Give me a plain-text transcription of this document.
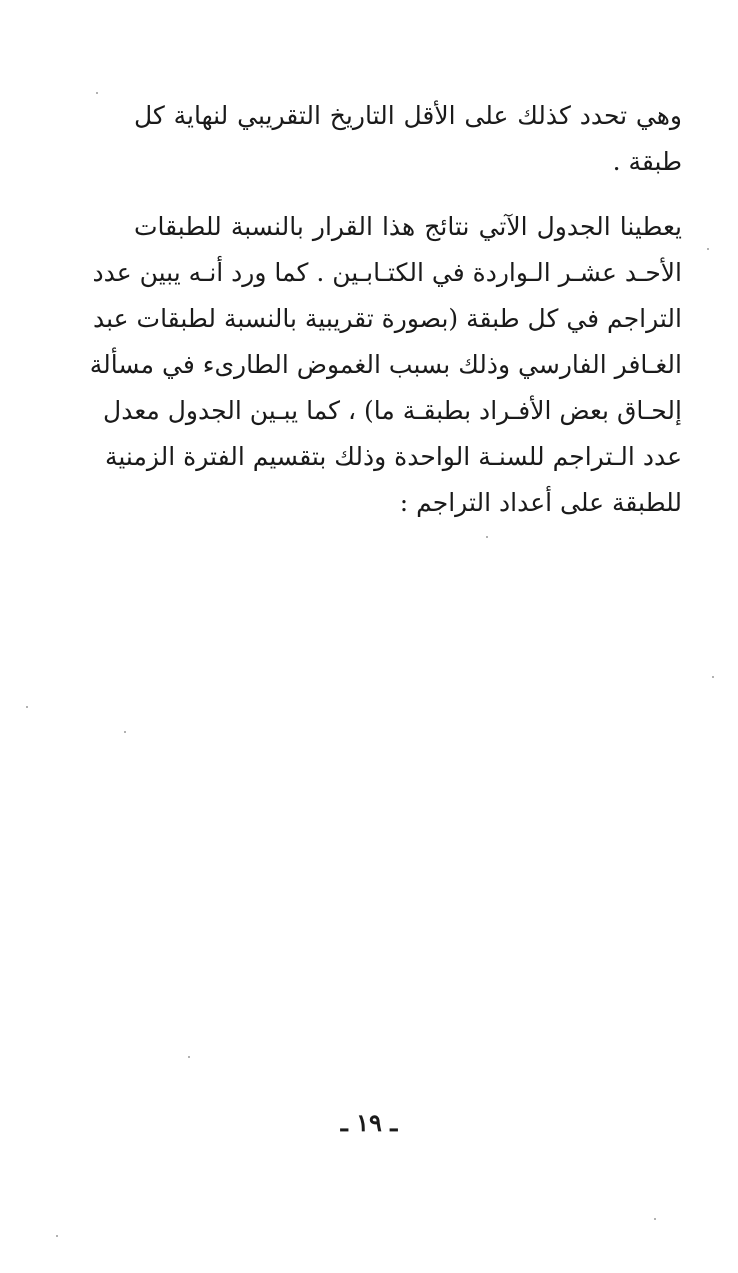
وهي تحدد كذلك على الأقل التاريخ التقريبي لنهاية كل
طبقة .
يعطينا الجدول الآتي نتائج هذا القرار بالنسبة للطبقات
الأحـد عشـر الـواردة في الكتـابـين . كما ورد أنـه يبين عدد
التراجم في كل طبقة (بصورة تقريبية بالنسبة لطبقات عبد
الغـافر الفارسي وذلك بسبب الغموض الطارىء في مسألة
إلحـاق بعض الأفـراد بطبقـة ما) ، كما يبـين الجدول معدل
عدد الـتراجم للسنـة الواحدة وذلك بتقسيم الفترة الزمنية
للطبقة على أعداد التراجم :
ـ ١٩ ـ
